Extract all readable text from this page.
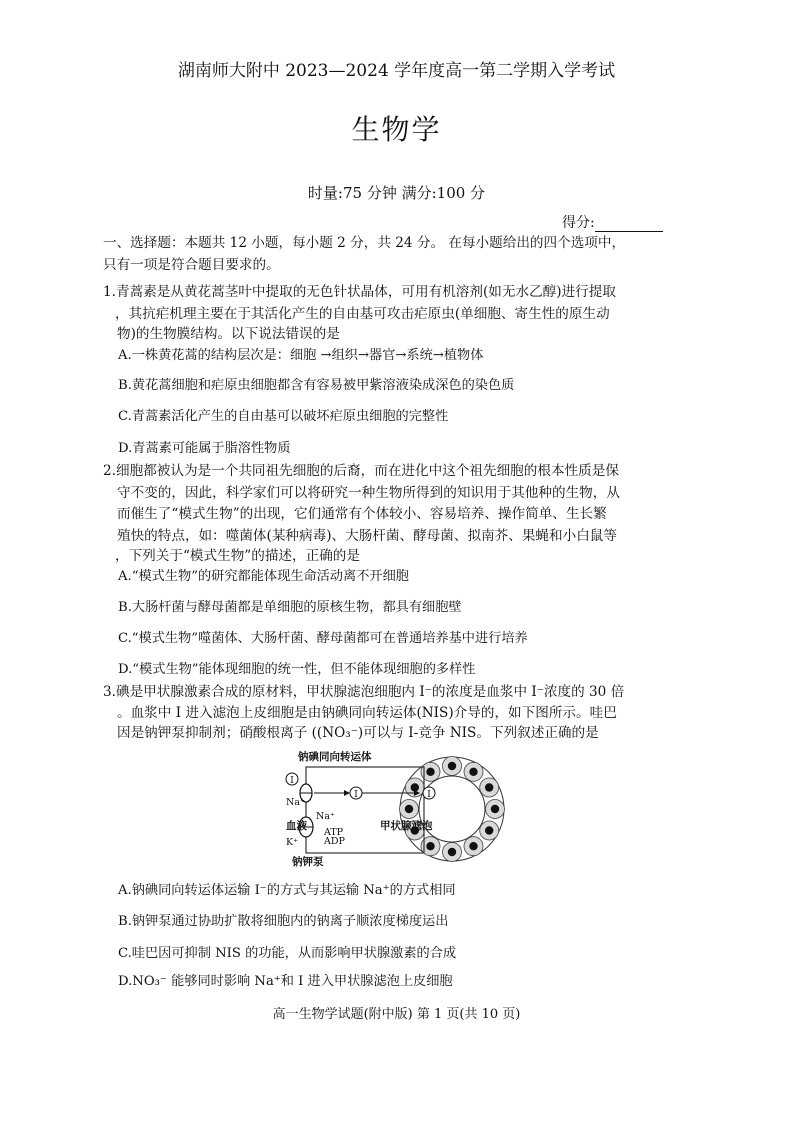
湖南师大附中 2023—2024 学年度高一第二学期入学考试
生物学
时量:75 分钟 满分:100 分
得分:
一、选择题：本题共 12 小题，每小题 2 分，共 24 分。 在每小题给出的四个选项中，
只有一项是符合题目要求的。
1.青蒿素是从黄花蒿茎叶中提取的无色针状晶体，可用有机溶剂(如无水乙醇)进行提取
，其抗疟机理主要在于其活化产生的自由基可攻击疟原虫(单细胞、寄生性的原生动
物)的生物膜结构。以下说法错误的是
A.一株黄花蒿的结构层次是：细胞 →组织→器官→系统→植物体
B.黄花蒿细胞和疟原虫细胞都含有容易被甲紫溶液染成深色的染色质
C.青蒿素活化产生的自由基可以破坏疟原虫细胞的完整性
D.青蒿素可能属于脂溶性物质
2.细胞都被认为是一个共同祖先细胞的后裔，而在进化中这个祖先细胞的根本性质是保
守不变的，因此，科学家们可以将研究一种生物所得到的知识用于其他种的生物，从
而催生了“模式生物”的出现，它们通常有个体较小、容易培养、操作简单、生长繁
殖快的特点，如：噬菌体(某种病毒)、大肠杆菌、酵母菌、拟南芥、果蝇和小白鼠等
，下列关于“模式生物”的描述，正确的是
A.“模式生物”的研究都能体现生命活动离不开细胞
B.大肠杆菌与酵母菌都是单细胞的原核生物，都具有细胞壁
C.“模式生物”噬菌体、大肠杆菌、酵母菌都可在普通培养基中进行培养
D.“模式生物”能体现细胞的统一性，但不能体现细胞的多样性
3.碘是甲状腺激素合成的原材料，甲状腺滤泡细胞内 I⁻的浓度是血浆中 I⁻浓度的 30 倍
。血浆中 I 进入滤泡上皮细胞是由钠碘同向转运体(NIS)介导的，如下图所示。哇巴
因是钠钾泵抑制剂；硝酸根离子 ((NO₃⁻)可以与 I-竞争 NIS。下列叙述正确的是
I
I	I
钠碘同向转运体
Na⁺
Na⁺
ATP
ADP
血液
K⁺
甲状腺滤泡
钠钾泵
A.钠碘同向转运体运输 I⁻的方式与其运输 Na⁺的方式相同
B.钠钾泵通过协助扩散将细胞内的钠离子顺浓度梯度运出
C.哇巴因可抑制 NIS 的功能，从而影响甲状腺激素的合成
D.NO₃⁻ 能够同时影响 Na⁺和 I 进入甲状腺滤泡上皮细胞
高一生物学试题(附中版) 第 1 页(共 10 页)
